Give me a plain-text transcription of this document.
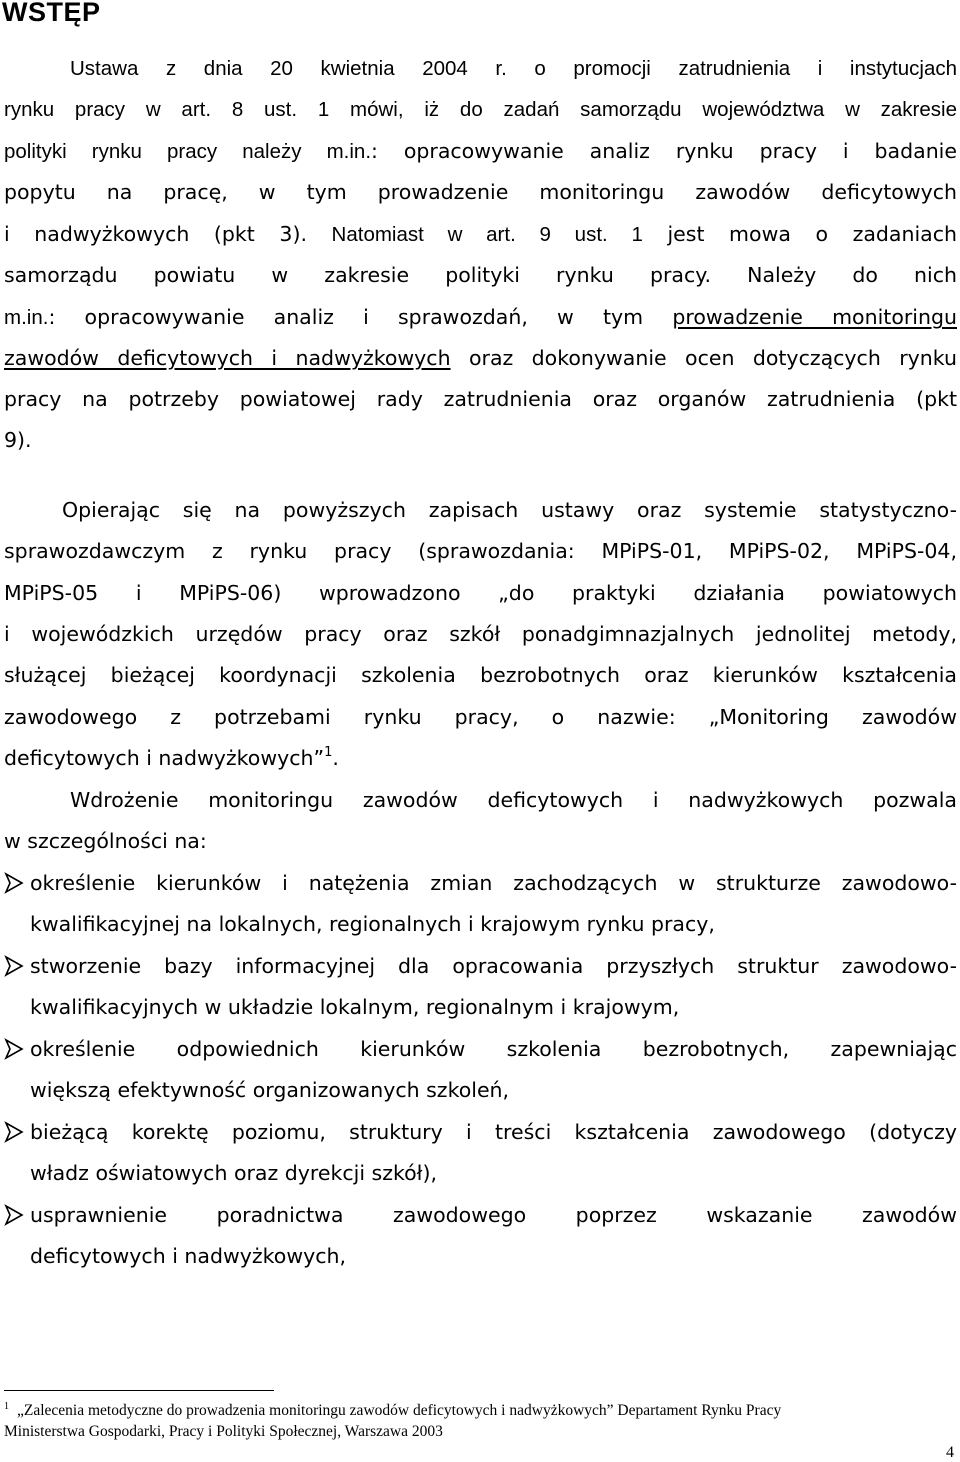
WSTĘP
Ustawa z dnia 20 kwietnia 2004 r. o promocji zatrudnienia i instytucjach
rynku pracy w art. 8 ust. 1 mówi, iż do zadań samorządu województwa w zakresie
polityki rynku pracy należy m.in.: opracowywanie analiz rynku pracy i badanie
popytu na pracę, w tym prowadzenie monitoringu zawodów deficytowych
i nadwyżkowych (pkt 3). Natomiast w art. 9 ust. 1 jest mowa o zadaniach
samorządu powiatu w zakresie polityki rynku pracy. Należy do nich
m.in.: opracowywanie analiz i sprawozdań, w tym prowadzenie monitoringu
zawodów deficytowych i nadwyżkowych oraz dokonywanie ocen dotyczących rynku
pracy na potrzeby powiatowej rady zatrudnienia oraz organów zatrudnienia (pkt
9).
Opierając się na powyższych zapisach ustawy oraz systemie statystyczno-
sprawozdawczym z rynku pracy (sprawozdania: MPiPS-01, MPiPS-02, MPiPS-04,
MPiPS-05 i MPiPS-06) wprowadzono „do praktyki działania powiatowych
i wojewódzkich urzędów pracy oraz szkół ponadgimnazjalnych jednolitej metody,
służącej bieżącej koordynacji szkolenia bezrobotnych oraz kierunków kształcenia
zawodowego z potrzebami rynku pracy, o nazwie: „Monitoring zawodów
deficytowych i nadwyżkowych”$^1$.
Wdrożenie monitoringu zawodów deficytowych i nadwyżkowych pozwala
w szczególności na:
określenie kierunków i natężenia zmian zachodzących w strukturze zawodowo-
kwalifikacyjnej na lokalnych, regionalnych i krajowym rynku pracy,
stworzenie bazy informacyjnej dla opracowania przyszłych struktur zawodowo-
kwalifikacyjnych w układzie lokalnym, regionalnym i krajowym,
określenie odpowiednich kierunków szkolenia bezrobotnych, zapewniając
większą efektywność organizowanych szkoleń,
bieżącą korektę poziomu, struktury i treści kształcenia zawodowego (dotyczy
władz oświatowych oraz dyrekcji szkół),
usprawnienie poradnictwa zawodowego poprzez wskazanie zawodów
deficytowych i nadwyżkowych,
$^1$ „Zalecenia metodyczne do prowadzenia monitoringu zawodów deficytowych i nadwyżkowych” Departament Rynku Pracy
Ministerstwa Gospodarki, Pracy i Polityki Społecznej, Warszawa 2003
4
